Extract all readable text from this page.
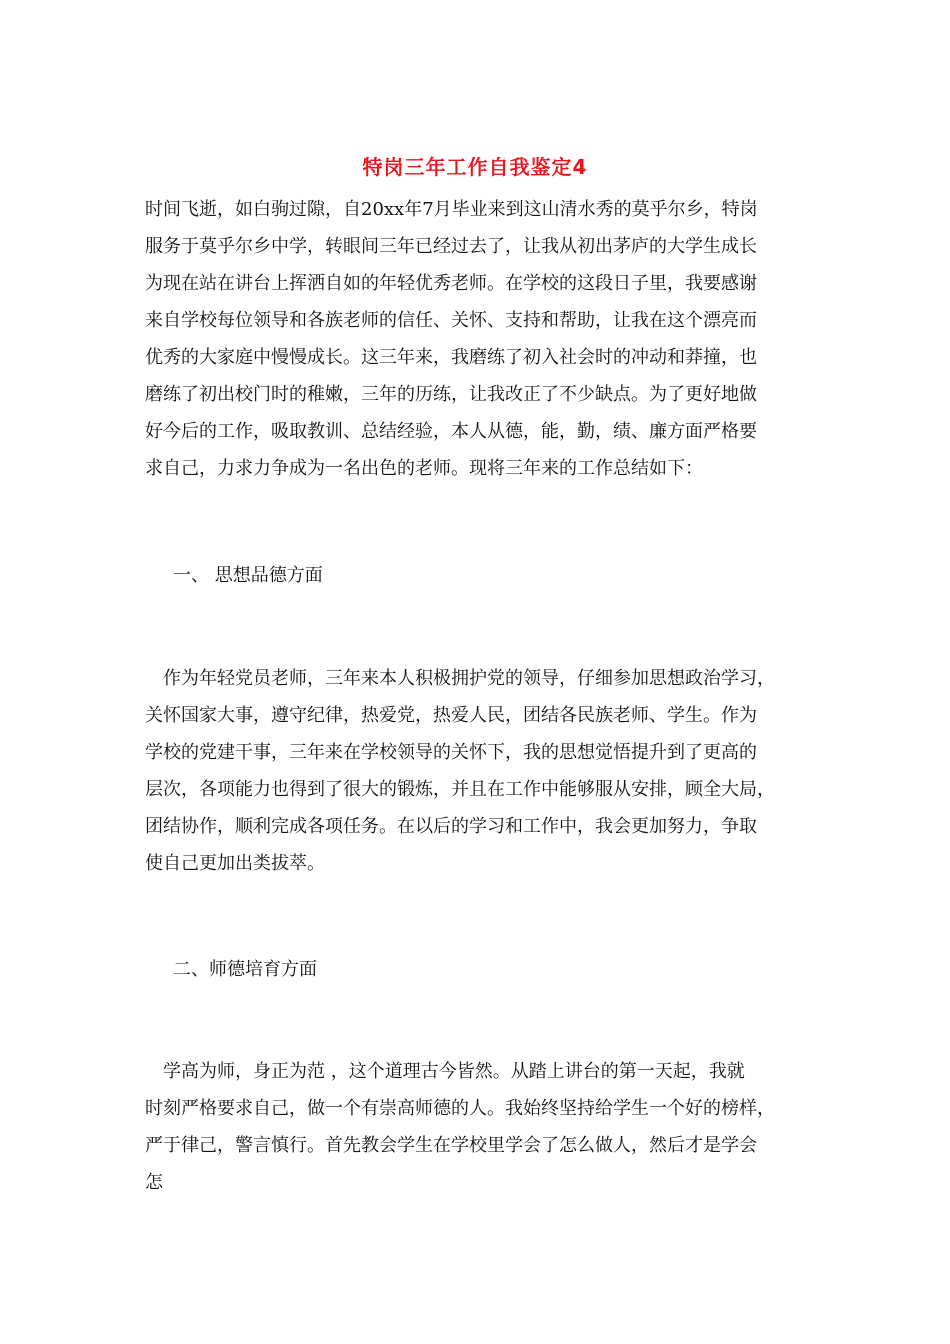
特岗三年工作自我鉴定4
时间飞逝，如白驹过隙，自20xx年7月毕业来到这山清水秀的莫乎尔乡，特岗
服务于莫乎尔乡中学，转眼间三年已经过去了，让我从初出茅庐的大学生成长
为现在站在讲台上挥洒自如的年轻优秀老师。在学校的这段日子里，我要感谢
来自学校每位领导和各族老师的信任、关怀、支持和帮助，让我在这个漂亮而
优秀的大家庭中慢慢成长。这三年来，我磨练了初入社会时的冲动和莽撞，也
磨练了初出校门时的稚嫩，三年的历练，让我改正了不少缺点。为了更好地做
好今后的工作，吸取教训、总结经验，本人从德，能，勤，绩、廉方面严格要
求自己，力求力争成为一名出色的老师。现将三年来的工作总结如下：
一、 思想品德方面
　作为年轻党员老师，三年来本人积极拥护党的领导，仔细参加思想政治学习，
关怀国家大事，遵守纪律，热爱党，热爱人民，团结各民族老师、学生。作为
学校的党建干事，三年来在学校领导的关怀下，我的思想觉悟提升到了更高的
层次，各项能力也得到了很大的锻炼，并且在工作中能够服从安排，顾全大局，
团结协作，顺利完成各项任务。在以后的学习和工作中，我会更加努力，争取
使自己更加出类拔萃。
二、师德培育方面
　学高为师，身正为范 ，这个道理古今皆然。从踏上讲台的第一天起，我就
时刻严格要求自己，做一个有崇高师德的人。我始终坚持给学生一个好的榜样，
严于律己，警言慎行。首先教会学生在学校里学会了怎么做人，然后才是学会
怎
